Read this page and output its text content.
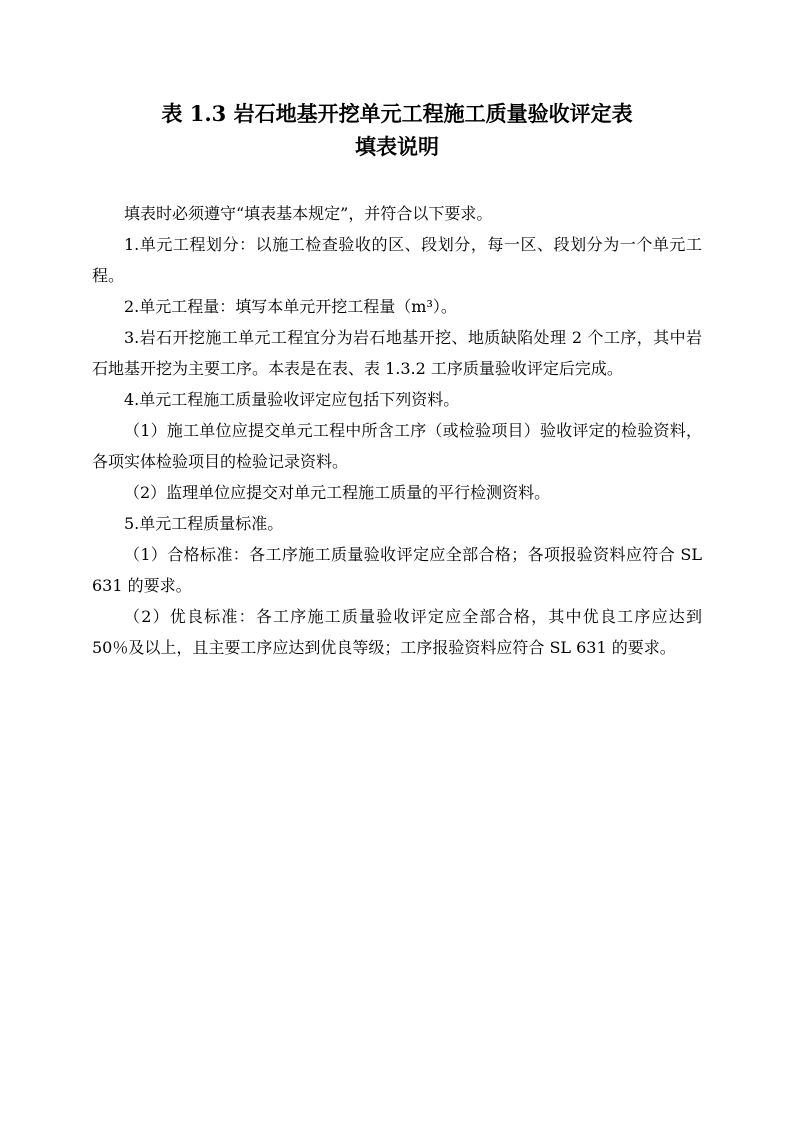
表 1.3 岩石地基开挖单元工程施工质量验收评定表
填表说明

填表时必须遵守“填表基本规定”，并符合以下要求。

1.单元工程划分：以施工检查验收的区、段划分，每一区、段划分为一个单元工程。

2.单元工程量：填写本单元开挖工程量（m³）。

3.岩石开挖施工单元工程宜分为岩石地基开挖、地质缺陷处理 2 个工序，其中岩石地基开挖为主要工序。本表是在表、表 1.3.2 工序质量验收评定后完成。

4.单元工程施工质量验收评定应包括下列资料。

（1）施工单位应提交单元工程中所含工序（或检验项目）验收评定的检验资料，各项实体检验项目的检验记录资料。

（2）监理单位应提交对单元工程施工质量的平行检测资料。

5.单元工程质量标准。

（1）合格标准：各工序施工质量验收评定应全部合格；各项报验资料应符合 SL 631 的要求。

（2）优良标准：各工序施工质量验收评定应全部合格，其中优良工序应达到 50％及以上，且主要工序应达到优良等级；工序报验资料应符合 SL 631 的要求。
